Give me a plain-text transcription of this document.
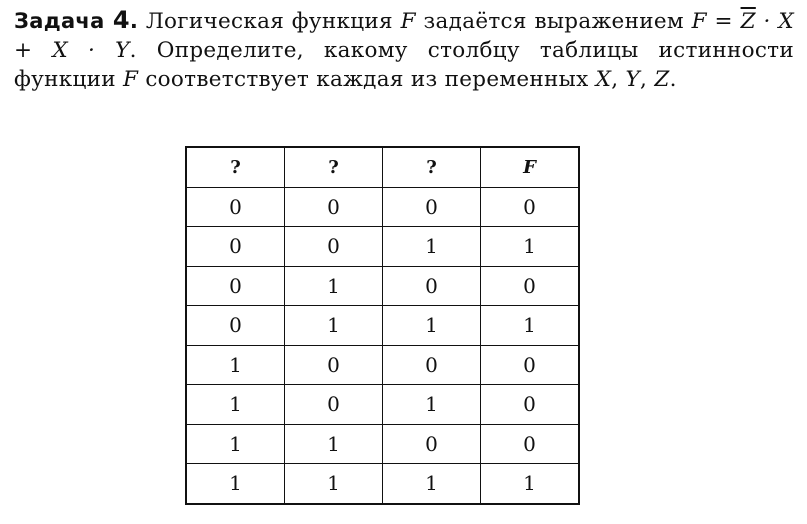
Задача 4. Логическая функция F задаётся выражением $F = \overline{Z} \cdot X + X \cdot Y$. Определите, какому столбцу таблицы истинности функции F соответствует каждая из переменных X, Y, Z.
?	?	?	F
0	0	0	0
0	0	1	1
0	1	0	0
0	1	1	1
1	0	0	0
1	0	1	0
1	1	0	0
1	1	1	1
